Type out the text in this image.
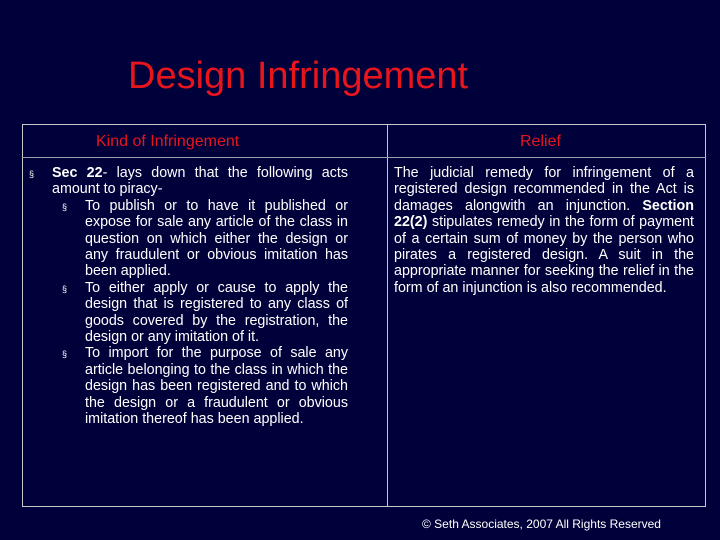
Design Infringement
Kind of Infringement	Relief
§ Sec 22- lays down that the following acts amount to piracy-

§ To publish or to have it published or expose for sale any article of the class in question on which either the design or any fraudulent or obvious imitation has been applied.

§ To either apply or cause to apply the design that is registered to any class of goods covered by the registration, the design or any imitation of it.

§ To import for the purpose of sale any article belonging to the class in which the design has been registered and to which the design or a fraudulent or obvious imitation thereof has been applied.

The judicial remedy for infringement of a registered design recommended in the Act is damages alongwith an injunction. Section 22(2) stipulates remedy in the form of payment of a certain sum of money by the person who pirates a registered design. A suit in the appropriate manner for seeking the relief in the form of an injunction is also recommended.

© Seth Associates, 2007 All Rights Reserved
